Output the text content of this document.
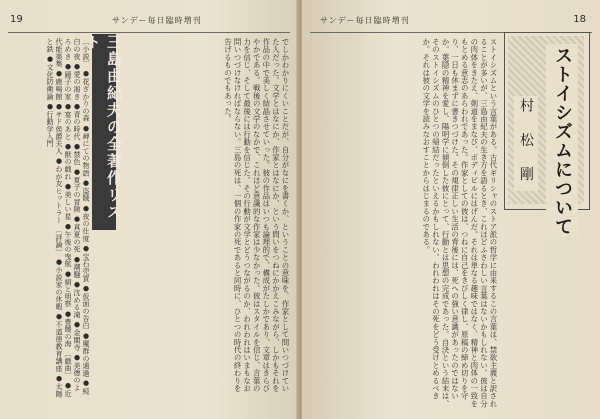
19	サンデー毎日臨時増刊
三島由紀夫の全著作リスト
〔小説〕 ●花ざかりの森 ●岬にての物語 ●盗賊 ●夜の仕度 ●宝石売買 ●仮面の告白 ●魔群の通過 ●純白の夜 ●愛の渇き ●青の時代 ●禁色 ●夏子の冒険 ●真夏の死 ●潮騒 ●沈める滝 ●金閣寺 ●美徳のよろめき ●鏡子の家 ●宴のあと ●獣の戯れ ●美しい星 ●午後の曳航 ●絹と明察 ●豊饒の海 〔戯曲〕 ●近代能楽集 ●鹿鳴館 ●サド侯爵夫人 ●わが友ヒットラー 〔評論〕 ●小説家の休暇 ●不道徳教育講座 ●太陽と鉄 ●文化防衛論 ●行動学入門	でしかわかりにくいことだが、自分がなにを書くか、ということの意味を、作家として問いつづけていた人だった。文学とはなにか、作家とはなにか、という問いをつねにかかえこみながら、しかもそれを作品の中で美しく結晶させていった。彼の作品はいつも論理的で、構成がたしかであり、文章はきらびやかである。戦後の文学のなかで、これほど意識的な作家は少なかった。彼はスタイルを信じ、言葉の力を信じ、そして最後には行動を信じた。その行動が文学とどうつながるのか、われわれはいまもなお問いつづけなければならない。三島の死は、一個の作家の死であると同時に、ひとつの時代の終わりを告げるものでもあった。
サンデー毎日臨時増刊	18
ストイシズムについて
村 松 剛
ストイシズムという言葉がある。古代ギリシャのストア派の哲学に由来するこの言葉は、禁欲主義と訳されることが多いが、三島由紀夫の生き方を語るとき、これほどふさわしい言葉はないかもしれない。彼は自分の肉体をきたえ、剣道をまなび、ボディビルにはげんだ。それは単なる趣味ではなく、精神と肉体の一致をもとめる意志のあらわれであった。作家としての彼は、つねに自己をきびしく律し、原稿の締め切りを守り、一日も休まずに書きつづけた。その規律正しい生活の背後には、死への強い意識があったのではないか。葉隠の精神を愛し、陽明学に傾倒した彼にとって、行動とは思想の完成であった。自決という結末は、そのストイシズムのひとつの帰結だったといえるかもしれない。われわれはその死をどう受けとめるべきか。それは彼の文学を読みなおすことからはじまるのである。
